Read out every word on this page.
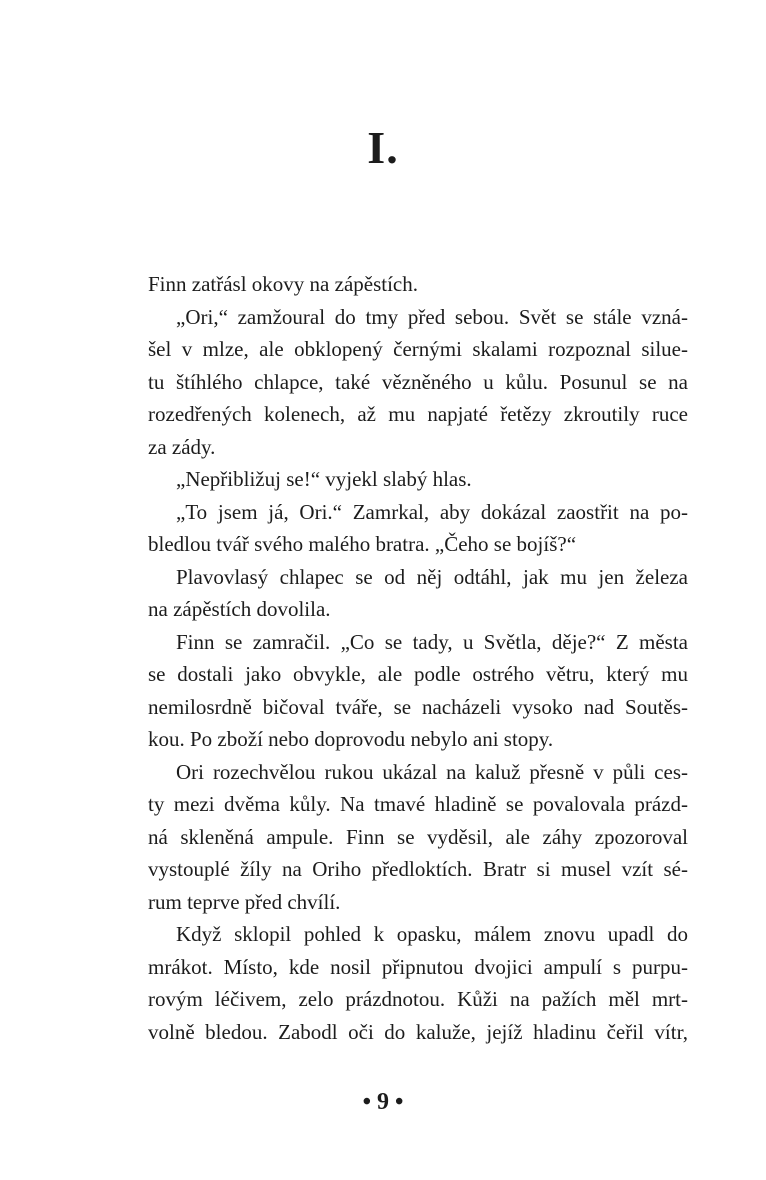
I.
Finn zatřásl okovy na zápěstích.
„Ori,“ zamžoural do tmy před sebou. Svět se stále vzná-
šel v mlze, ale obklopený černými skalami rozpoznal silue-
tu štíhlého chlapce, také vězněného u kůlu. Posunul se na
rozedřených kolenech, až mu napjaté řetězy zkroutily ruce
za zády.
„Nepřibližuj se!“ vyjekl slabý hlas.
„To jsem já, Ori.“ Zamrkal, aby dokázal zaostřit na po-
bledlou tvář svého malého bratra. „Čeho se bojíš?“
Plavovlasý chlapec se od něj odtáhl, jak mu jen železa
na zápěstích dovolila.
Finn se zamračil. „Co se tady, u Světla, děje?“ Z města
se dostali jako obvykle, ale podle ostrého větru, který mu
nemilosrdně bičoval tváře, se nacházeli vysoko nad Soutěs-
kou. Po zboží nebo doprovodu nebylo ani stopy.
Ori rozechvělou rukou ukázal na kaluž přesně v půli ces-
ty mezi dvěma kůly. Na tmavé hladině se povalovala prázd-
ná skleněná ampule. Finn se vyděsil, ale záhy zpozoroval
vystouplé žíly na Oriho předloktích. Bratr si musel vzít sé-
rum teprve před chvílí.
Když sklopil pohled k opasku, málem znovu upadl do
mrákot. Místo, kde nosil připnutou dvojici ampulí s purpu-
rovým léčivem, zelo prázdnotou. Kůži na pažích měl mrt-
volně bledou. Zabodl oči do kaluže, jejíž hladinu čeřil vítr,
• 9 •
